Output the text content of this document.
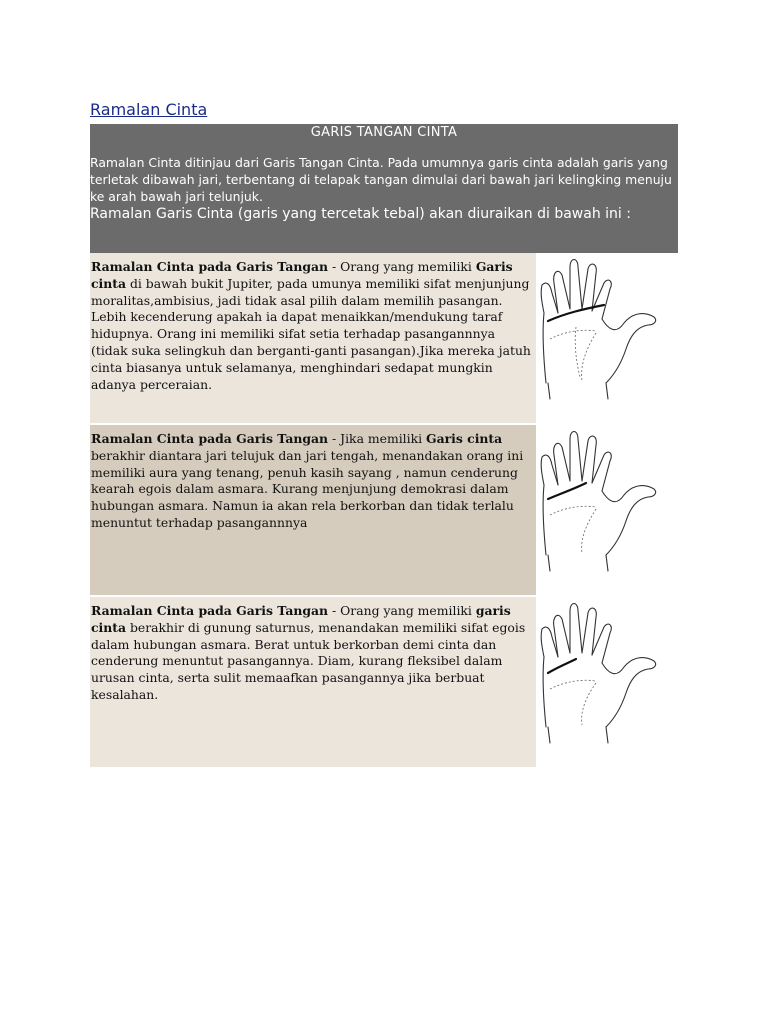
Ramalan Cinta
GARIS TANGAN CINTA
Ramalan Cinta ditinjau dari Garis Tangan Cinta. Pada umumnya garis cinta adalah garis yang terletak dibawah jari, terbentang di telapak tangan dimulai dari bawah jari kelingking menuju ke arah bawah jari telunjuk.
Ramalan Garis Cinta (garis yang tercetak tebal) akan diuraikan di bawah ini :
Ramalan Cinta pada Garis Tangan - Orang yang memiliki Garis cinta di bawah bukit Jupiter, pada umunya memiliki sifat menjunjung moralitas,ambisius, jadi tidak asal pilih dalam memilih pasangan. Lebih kecenderung apakah ia dapat menaikkan/mendukung taraf hidupnya. Orang ini memiliki sifat setia terhadap pasangannnya (tidak suka selingkuh dan berganti-ganti pasangan).Jika mereka jatuh cinta biasanya untuk selamanya, menghindari sedapat mungkin adanya perceraian.
Ramalan Cinta pada Garis Tangan - Jika memiliki Garis cinta berakhir diantara jari telujuk dan jari tengah, menandakan orang ini memiliki aura yang tenang, penuh kasih sayang , namun cenderung kearah egois dalam asmara. Kurang menjunjung demokrasi dalam hubungan asmara. Namun ia akan rela berkorban dan tidak terlalu menuntut terhadap pasangannnya
Ramalan Cinta pada Garis Tangan - Orang yang memiliki garis cinta berakhir di gunung saturnus, menandakan memiliki sifat egois dalam hubungan asmara. Berat untuk berkorban demi cinta dan cenderung menuntut pasangannya. Diam, kurang fleksibel dalam urusan cinta, serta sulit memaafkan pasangannya jika berbuat kesalahan.
